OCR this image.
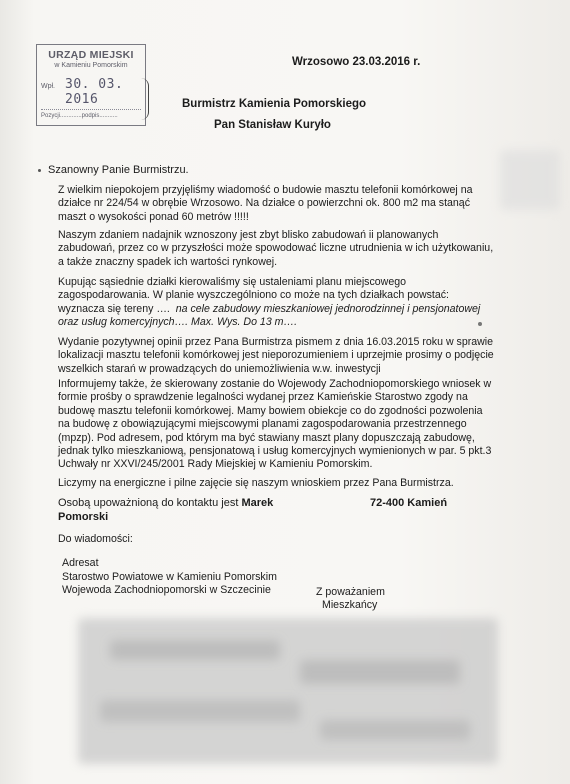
URZĄD MIEJSKI
w Kamieniu Pomorskim
Wpł. 30. 03. 2016
Pozycji.............podpis...........
Wrzosowo 23.03.2016 r.
Burmistrz Kamienia Pomorskiego
Pan Stanisław Kuryło
Szanowny Panie Burmistrzu.
Z wielkim niepokojem przyjęliśmy wiadomość o budowie masztu telefonii komórkowej na
działce nr 224/54 w obrębie Wrzosowo. Na działce o powierzchni ok. 800 m2 ma stanąć
maszt o wysokości ponad 60 metrów !!!!!
Naszym zdaniem nadajnik wznoszony jest zbyt blisko zabudowań ii planowanych
zabudowań, przez co w przyszłości może spowodować liczne utrudnienia w ich użytkowaniu,
a także znaczny spadek ich wartości rynkowej.
Kupując sąsiednie działki kierowaliśmy się ustaleniami planu miejscowego
zagospodarowania. W planie wyszczególniono co może na tych działkach powstać:
wyznacza się tereny …. na cele zabudowy mieszkaniowej jednorodzinnej i pensjonatowej
oraz usług komercyjnych…. Max. Wys. Do 13 m….
Wydanie pozytywnej opinii przez Pana Burmistrza pismem z dnia 16.03.2015 roku w sprawie
lokalizacji masztu telefonii komórkowej jest nieporozumieniem i uprzejmie prosimy o podjęcie
wszelkich starań w prowadzących do uniemożliwienia w.w. inwestycji
Informujemy także, że skierowany zostanie do Wojewody Zachodniopomorskiego wniosek w
formie prośby o sprawdzenie legalności wydanej przez Kamieńskie Starostwo zgody na
budowę masztu telefonii komórkowej. Mamy bowiem obiekcje co do zgodności pozwolenia
na budowę z obowiązującymi miejscowymi planami zagospodarowania przestrzennego
(mpzp). Pod adresem, pod którym ma być stawiany maszt plany dopuszczają zabudowę,
jednak tylko mieszkaniową, pensjonatową i usług komercyjnych wymienionych w par. 5 pkt.3
Uchwały nr XXVI/245/2001 Rady Miejskiej w Kamieniu Pomorskim.
Liczymy na energiczne i pilne zajęcie się naszym wnioskiem przez Pana Burmistrza.
Osobą upoważnioną do kontaktu jest Marek
Pomorski
72-400 Kamień
Do wiadomości:
Adresat
Starostwo Powiatowe w Kamieniu Pomorskim
Wojewoda Zachodniopomorski w Szczecinie	Z poważaniem
Mieszkańcy
